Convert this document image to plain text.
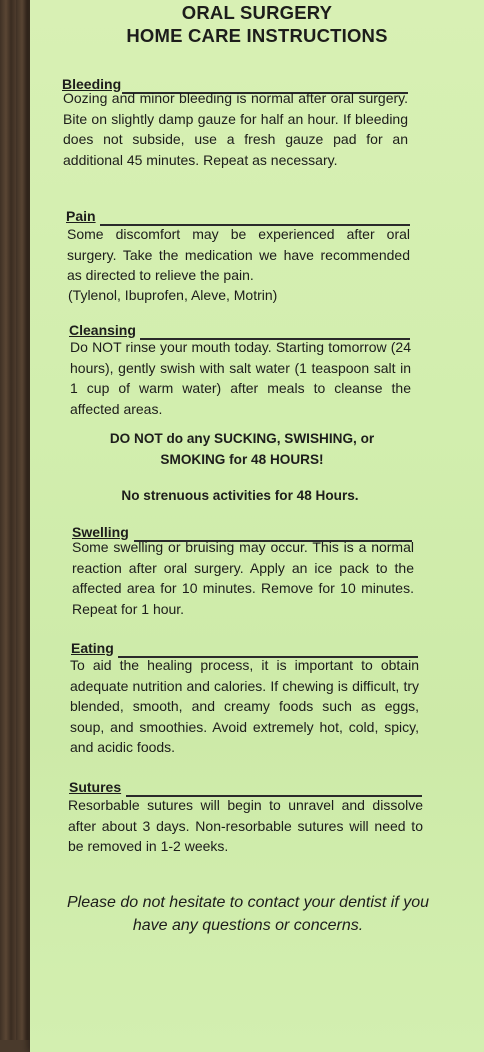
ORAL SURGERY
HOME CARE INSTRUCTIONS
Bleeding
Oozing and minor bleeding is normal after oral surgery. Bite on slightly damp gauze for half an hour. If bleeding does not subside, use a fresh gauze pad for an additional 45 minutes. Repeat as necessary.
Pain
Some discomfort may be experienced after oral surgery. Take the medication we have recommended as directed to relieve the pain.
(Tylenol, Ibuprofen, Aleve, Motrin)
Cleansing
Do NOT rinse your mouth today. Starting tomorrow (24 hours), gently swish with salt water (1 teaspoon salt in 1 cup of warm water) after meals to cleanse the affected areas.
DO NOT do any SUCKING, SWISHING, or SMOKING for 48 HOURS!
No strenuous activities for 48 Hours.
Swelling
Some swelling or bruising may occur. This is a normal reaction after oral surgery. Apply an ice pack to the affected area for 10 minutes. Remove for 10 minutes. Repeat for 1 hour.
Eating
To aid the healing process, it is important to obtain adequate nutrition and calories. If chewing is difficult, try blended, smooth, and creamy foods such as eggs, soup, and smoothies. Avoid extremely hot, cold, spicy, and acidic foods.
Sutures
Resorbable sutures will begin to unravel and dissolve after about 3 days. Non-resorbable sutures will need to be removed in 1-2 weeks.
Please do not hesitate to contact your dentist if you have any questions or concerns.
